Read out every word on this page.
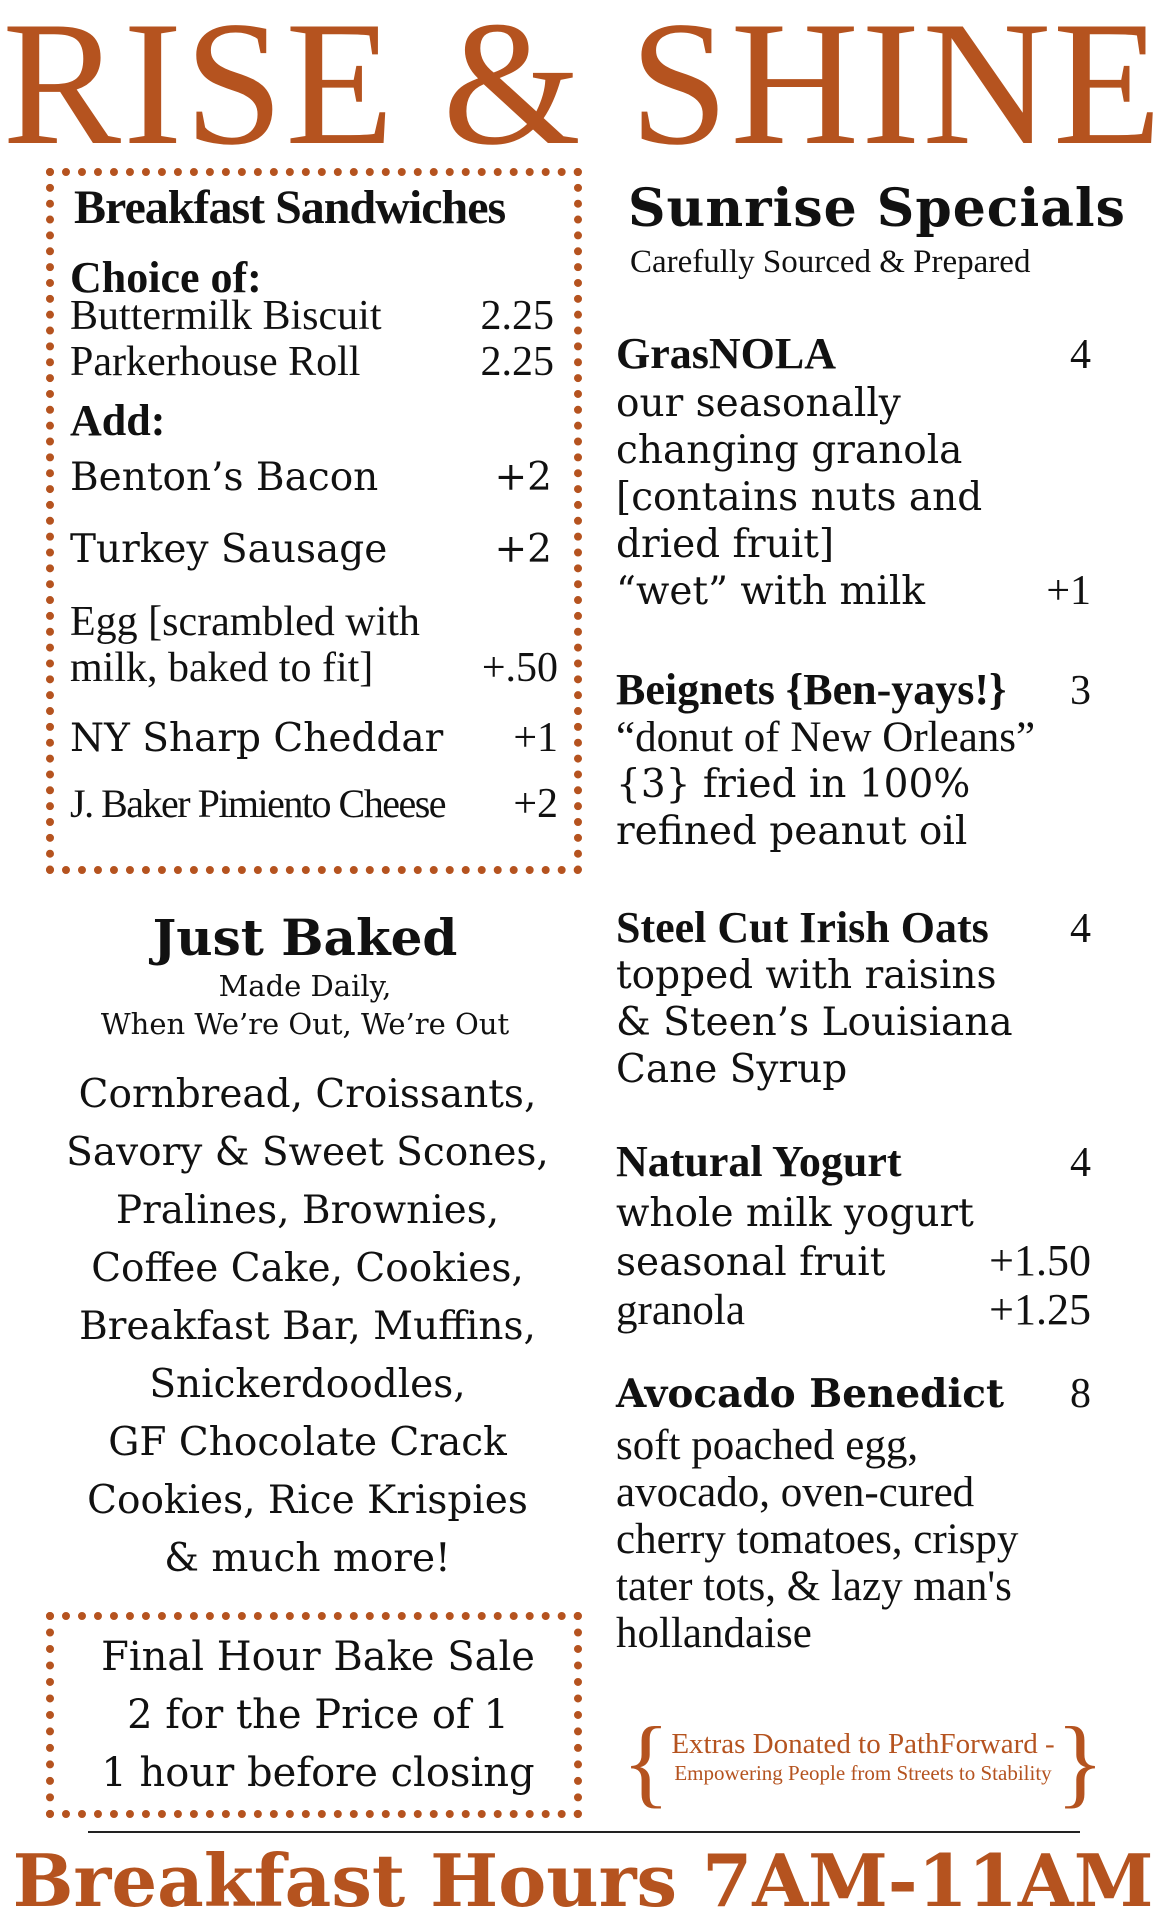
RISE & SHINE
Breakfast Sandwiches
Choice of:
Buttermilk Biscuit 2.25
Parkerhouse Roll	2.25
Add:
Benton’s Bacon	+2
Turkey Sausage	+2
Egg [scrambled with
milk, baked to fit]	+.50
NY Sharp Cheddar +1
J. Baker Pimiento Cheese +2
Just Baked
Made Daily,
When We’re Out, We’re Out
Cornbread, Croissants,
Savory & Sweet Scones,
Pralines, Brownies,
Coffee Cake, Cookies,
Breakfast Bar, Muffins,
Snickerdoodles,
GF Chocolate Crack
Cookies, Rice Krispies
& much more!
Final Hour Bake Sale
2 for the Price of 1
1 hour before closing
Sunrise Specials
Carefully Sourced & Prepared
GrasNOLA	4
our seasonally
changing granola
[contains nuts and
dried fruit]
“wet” with milk	+1
Beignets {Ben-yays!} 3
“donut of New Orleans”
{3} fried in 100%
refined peanut oil
Steel Cut Irish Oats 4
topped with raisins
& Steen’s Louisiana
Cane Syrup
Natural Yogurt	4
whole milk yogurt
seasonal fruit +1.50
granola	+1.25
Avocado Benedict 8
soft poached egg,
avocado, oven-cured
cherry tomatoes, crispy
tater tots, & lazy man's
hollandaise
{	}
Extras Donated to PathForward -
Empowering People from Streets to Stability
Breakfast Hours 7AM-11AM
